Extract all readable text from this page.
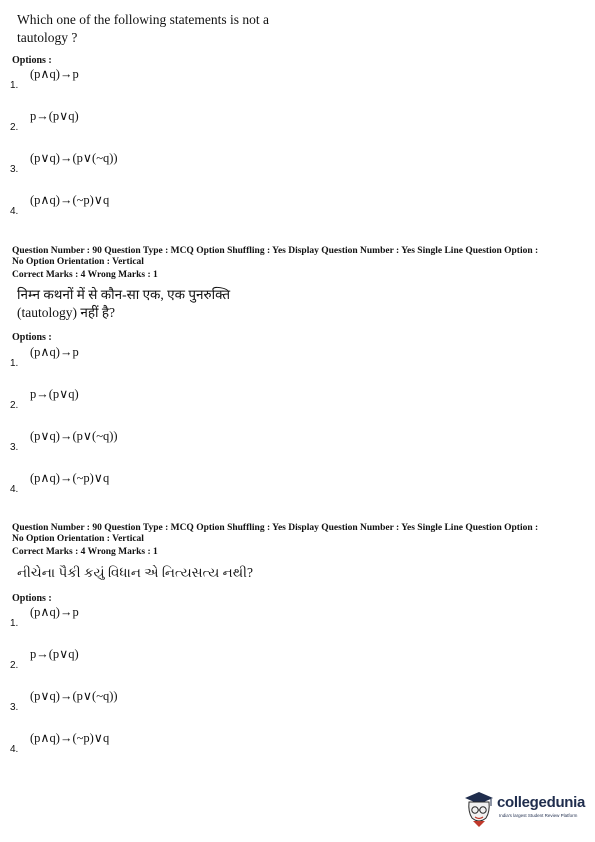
Which one of the following statements is not a tautology ?
Options :
1.
(p∧q)→p
2.
p→(p∨q)
3.
(p∨q)→(p∨(~q))
4.
(p∧q)→(~p)∨q
Question Number : 90 Question Type : MCQ Option Shuffling : Yes Display Question Number : Yes Single Line Question Option :
No Option Orientation : Vertical
Correct Marks : 4 Wrong Marks : 1
निम्न कथनों में से कौन-सा एक, एक पुनरुक्ति
(tautology) नहीं है?
Options :
1.
(p∧q)→p
2.
p→(p∨q)
3.
(p∨q)→(p∨(~q))
4.
(p∧q)→(~p)∨q
Question Number : 90 Question Type : MCQ Option Shuffling : Yes Display Question Number : Yes Single Line Question Option :
No Option Orientation : Vertical
Correct Marks : 4 Wrong Marks : 1
નીચેના પૈકી કયું વિધાન એ નિત્યસત્ય નથી?
Options :
1.
(p∧q)→p
2.
p→(p∨q)
3.
(p∨q)→(p∨(~q))
4.
(p∧q)→(~p)∨q
collegedunia
India's largest Student Review Platform
